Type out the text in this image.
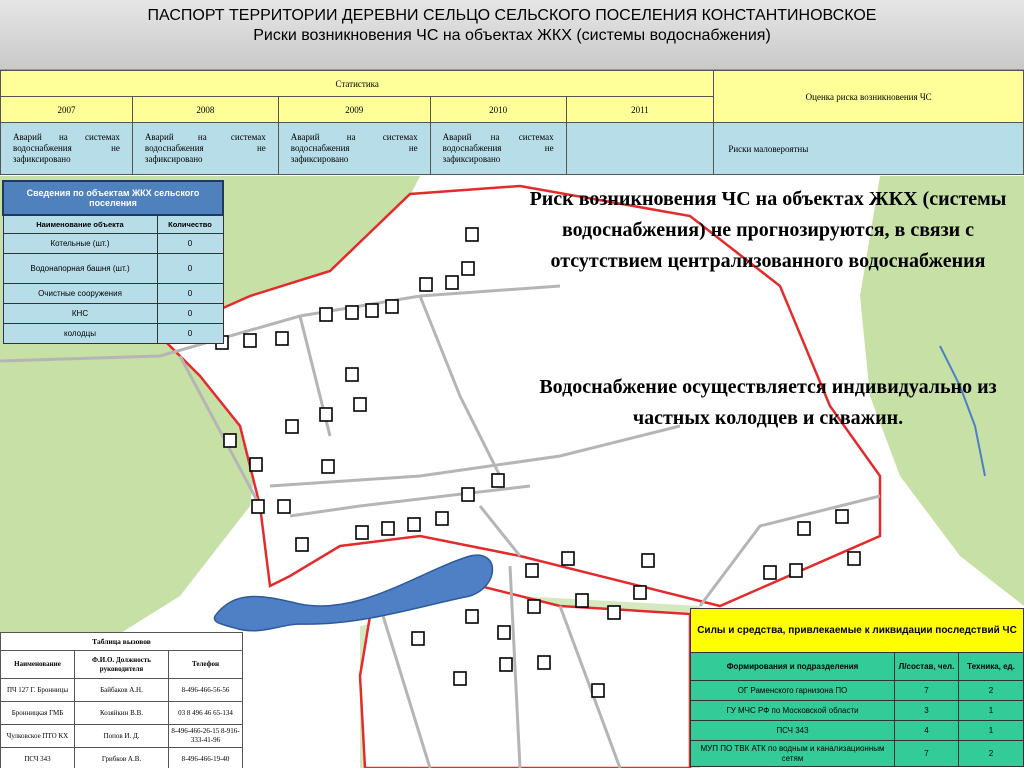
ПАСПОРТ ТЕРРИТОРИИ ДЕРЕВНИ СЕЛЬЦО СЕЛЬСКОГО ПОСЕЛЕНИЯ КОНСТАНТИНОВСКОЕ
Риски возникновения ЧС на объектах ЖКХ (системы водоснабжения)
Статистика					Оценка риска возникновения ЧС
2007	2008	2009	2010	2011	
Аварий на системах водоснабжения не зафиксировано	Аварий на системах водоснабжения не зафиксировано	Аварий на системах водоснабжения не зафиксировано	Аварий на системах водоснабжения не зафиксировано		Риски маловероятны
Сведения по объектам ЖКХ сельского поселения	
Наименование объекта	Количество
Котельные (шт.)	0
Водонапорная башня (шт.)	0
Очистные сооружения	0
КНС	0
колодцы	0
Риск возникновения ЧС на объектах ЖКХ (системы водоснабжения) не прогнозируются, в связи с отсутствием централизованного водоснабжения
Водоснабжение осуществляется индивидуально из частных колодцев и скважин.
Таблица вызовов		
Наименование	Ф.И.О. Должность руководителя	Телефон
ПЧ 127 Г. Бронницы	Байбаков А.Н.	8-496-466-56-56
Бронницкая ГМБ	Козяйкин В.В.	03 8 496 46 65-134
Чулковское ПТО КХ	Попов И. Д.	8-496-466-26-15 8-916-333-41-96
ПСЧ 343	Грибков А.В.	8-496-466-19-40
Силы и средства, привлекаемые к ликвидации последствий ЧС		
Формирования и подразделения	Л/состав, чел.	Техника, ед.
ОГ Раменского гарнизона ПО	7	2
ГУ МЧС РФ по Московской области	3	1
ПСЧ 343	4	1
МУП ПО ТВК АТК по водным и канализационным сетям	7	2
